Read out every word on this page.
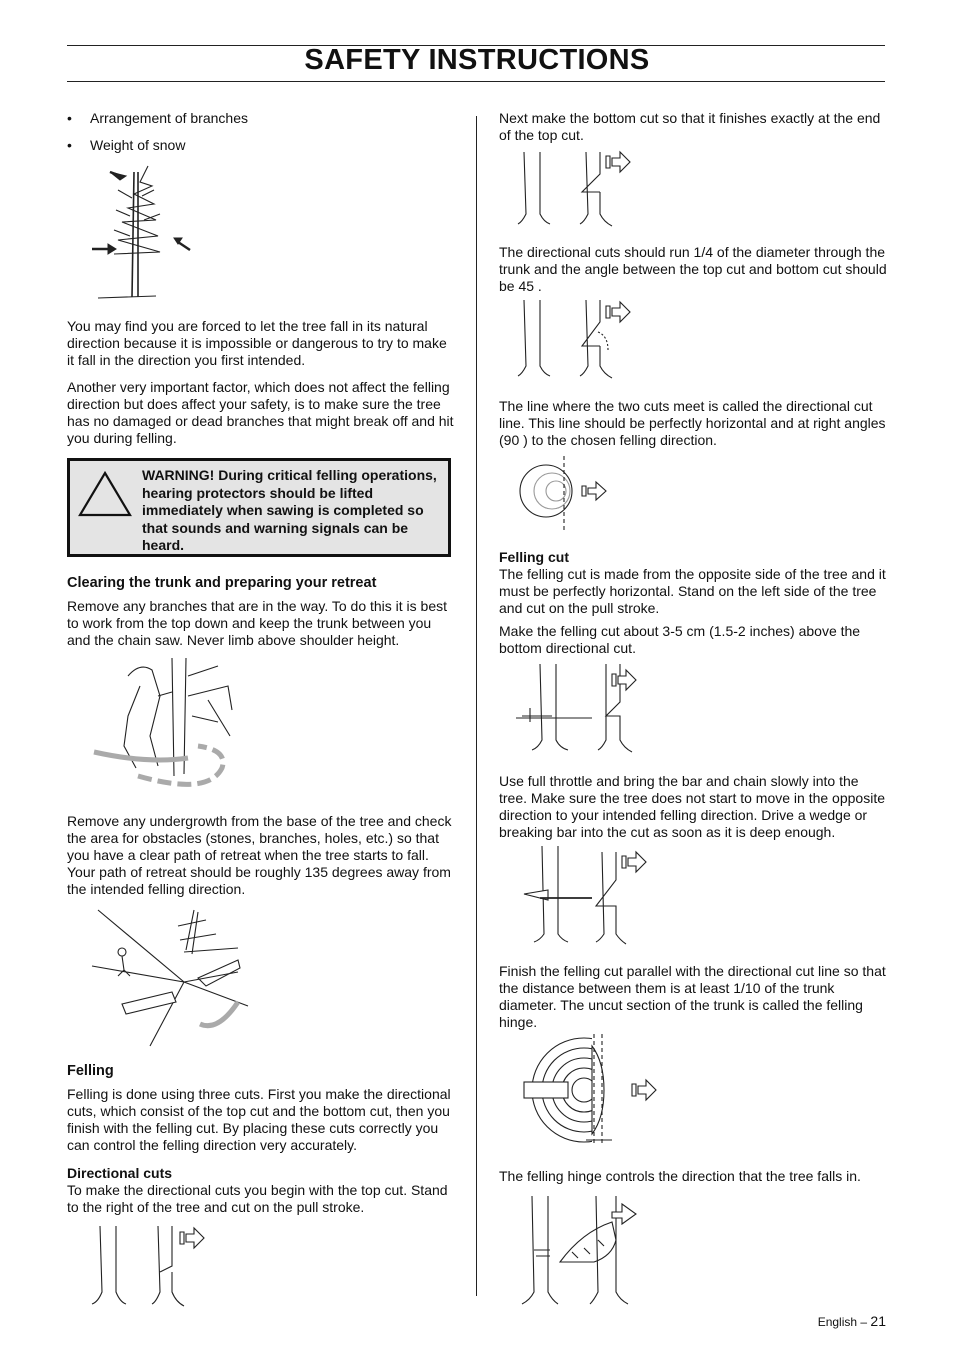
SAFETY INSTRUCTIONS
• Arrangement of branches
• Weight of snow

You may find you are forced to let the tree fall in its natural direction because it is impossible or dangerous to try to make it fall in the direction you first intended.

Another very important factor, which does not affect the felling direction but does affect your safety, is to make sure the tree has no damaged or dead branches that might break off and hit you during felling.

WARNING! During critical felling operations, hearing protectors should be lifted immediately when sawing is completed so that sounds and warning signals can be heard.
Clearing the trunk and preparing your retreat

Remove any branches that are in the way. To do this it is best to work from the top down and keep the trunk between you and the chain saw. Never limb above shoulder height.

Remove any undergrowth from the base of the tree and check the area for obstacles (stones, branches, holes, etc.) so that you have a clear path of retreat when the tree starts to fall. Your path of retreat should be roughly 135 degrees away from the intended felling direction.

Felling

Felling is done using three cuts. First you make the directional cuts, which consist of the top cut and the bottom cut, then you finish with the felling cut. By placing these cuts correctly you can control the felling direction very accurately.

Directional cuts

To make the directional cuts you begin with the top cut. Stand to the right of the tree and cut on the pull stroke.

Next make the bottom cut so that it finishes exactly at the end of the top cut.

The directional cuts should run 1/4 of the diameter through the trunk and the angle between the top cut and bottom cut should be 45 .

The line where the two cuts meet is called the directional cut line. This line should be perfectly horizontal and at right angles (90 ) to the chosen felling direction.

Felling cut

The felling cut is made from the opposite side of the tree and it must be perfectly horizontal. Stand on the left side of the tree and cut on the pull stroke.

Make the felling cut about 3-5 cm (1.5-2 inches) above the bottom directional cut.

Use full throttle and bring the bar and chain slowly into the tree. Make sure the tree does not start to move in the opposite direction to your intended felling direction. Drive a wedge or breaking bar into the cut as soon as it is deep enough.

Finish the felling cut parallel with the directional cut line so that the distance between them is at least 1/10 of the trunk diameter. The uncut section of the trunk is called the felling hinge.

The felling hinge controls the direction that the tree falls in.

English – 21
